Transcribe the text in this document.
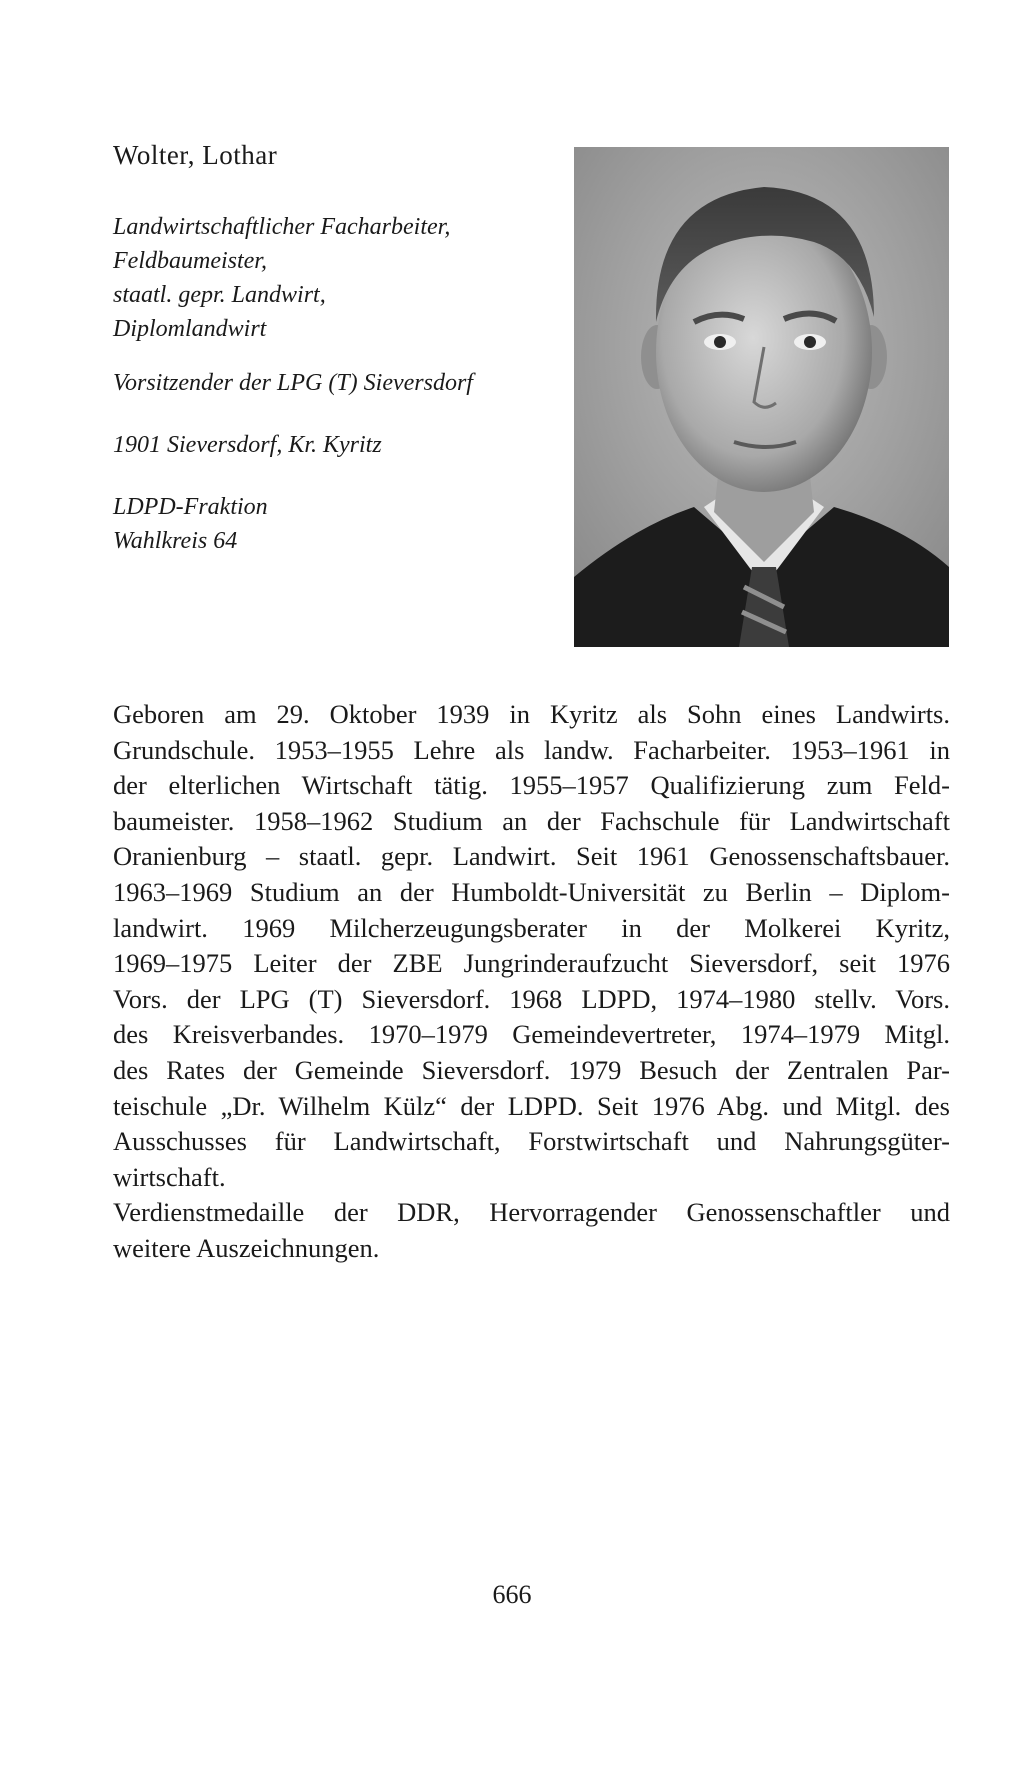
Wolter, Lothar
Landwirtschaftlicher Facharbeiter,
Feldbaumeister,
staatl. gepr. Landwirt,
Diplomlandwirt
Vorsitzender der LPG (T) Sieversdorf
1901 Sieversdorf, Kr. Kyritz
LDPD-Fraktion
Wahlkreis 64
Geboren am 29. Oktober 1939 in Kyritz als Sohn eines Landwirts.
Grundschule. 1953–1955 Lehre als landw. Facharbeiter. 1953–1961 in
der elterlichen Wirtschaft tätig. 1955–1957 Qualifizierung zum Feld-
baumeister. 1958–1962 Studium an der Fachschule für Landwirtschaft
Oranienburg – staatl. gepr. Landwirt. Seit 1961 Genossenschaftsbauer.
1963–1969 Studium an der Humboldt-Universität zu Berlin – Diplom-
landwirt. 1969 Milcherzeugungsberater in der Molkerei Kyritz,
1969–1975 Leiter der ZBE Jungrinderaufzucht Sieversdorf, seit 1976
Vors. der LPG (T) Sieversdorf. 1968 LDPD, 1974–1980 stellv. Vors.
des Kreisverbandes. 1970–1979 Gemeindevertreter, 1974–1979 Mitgl.
des Rates der Gemeinde Sieversdorf. 1979 Besuch der Zentralen Par-
teischule „Dr. Wilhelm Külz“ der LDPD. Seit 1976 Abg. und Mitgl. des
Ausschusses für Landwirtschaft, Forstwirtschaft und Nahrungsgüter-
wirtschaft.
Verdienstmedaille der DDR, Hervorragender Genossenschaftler und
weitere Auszeichnungen.
666
